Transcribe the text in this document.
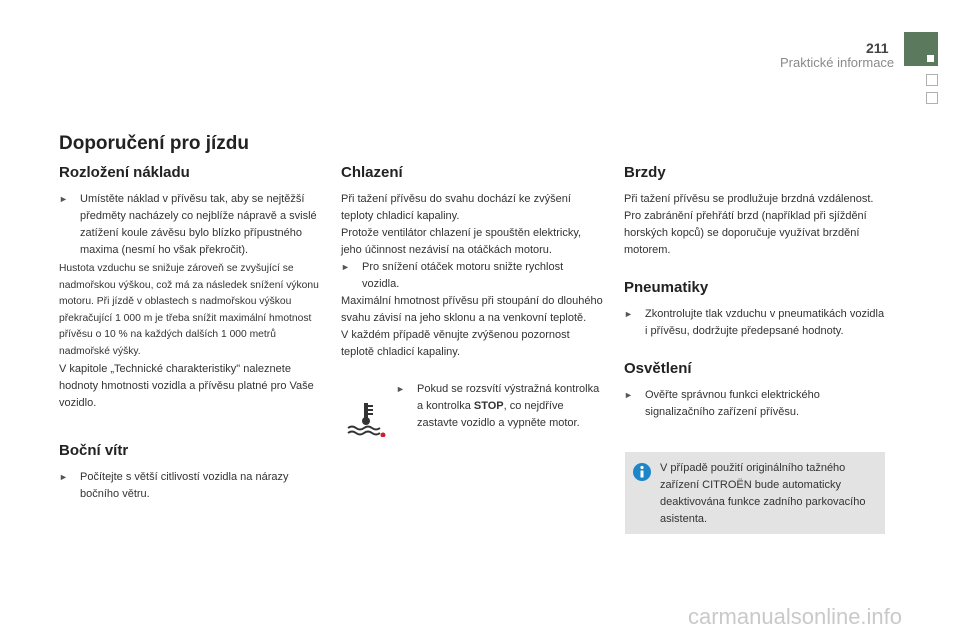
211
Praktické informace
Doporučení pro jízdu
Rozložení nákladu
► Umístěte náklad v přívěsu tak, aby se nejtěžší předměty nacházely co nejblíže nápravě a svislé zatížení koule závěsu bylo blízko přípustného maxima (nesmí ho však překročit).

Hustota vzduchu se snižuje zároveň se zvyšující se nadmořskou výškou, což má za následek snížení výkonu motoru. Při jízdě v oblastech s nadmořskou výškou překračující 1 000 m je třeba snížit maximální hmotnost přívěsu o 10 % na každých dalších 1 000 metrů nadmořské výšky.

V kapitole „Technické charakteristiky" naleznete hodnoty hmotnosti vozidla a přívěsu platné pro Vaše vozidlo.

Boční vítr
► Počítejte s větší citlivostí vozidla na nárazy bočního větru.
Chlazení

Při tažení přívěsu do svahu dochází ke zvýšení teploty chladicí kapaliny.

Protože ventilátor chlazení je spouštěn elektricky, jeho účinnost nezávisí na otáčkách motoru.

► Pro snížení otáček motoru snižte rychlost vozidla.

Maximální hmotnost přívěsu při stoupání do dlouhého svahu závisí na jeho sklonu a na venkovní teplotě.

V každém případě věnujte zvýšenou pozornost teplotě chladicí kapaliny.

► Pokud se rozsvítí výstražná kontrolka a kontrolka STOP, co nejdříve zastavte vozidlo a vypněte motor.
Brzdy

Při tažení přívěsu se prodlužuje brzdná vzdálenost.

Pro zabránění přehřátí brzd (například při sjíždění horských kopců) se doporučuje využívat brzdění motorem.

Pneumatiky
► Zkontrolujte tlak vzduchu v pneumatikách vozidla i přívěsu, dodržujte předepsané hodnoty.
Osvětlení
► Ověřte správnou funkci elektrického signalizačního zařízení přívěsu.

V případě použití originálního tažného zařízení CITROËN bude automaticky deaktivována funkce zadního parkovacího asistenta.

carmanualsonline.info
